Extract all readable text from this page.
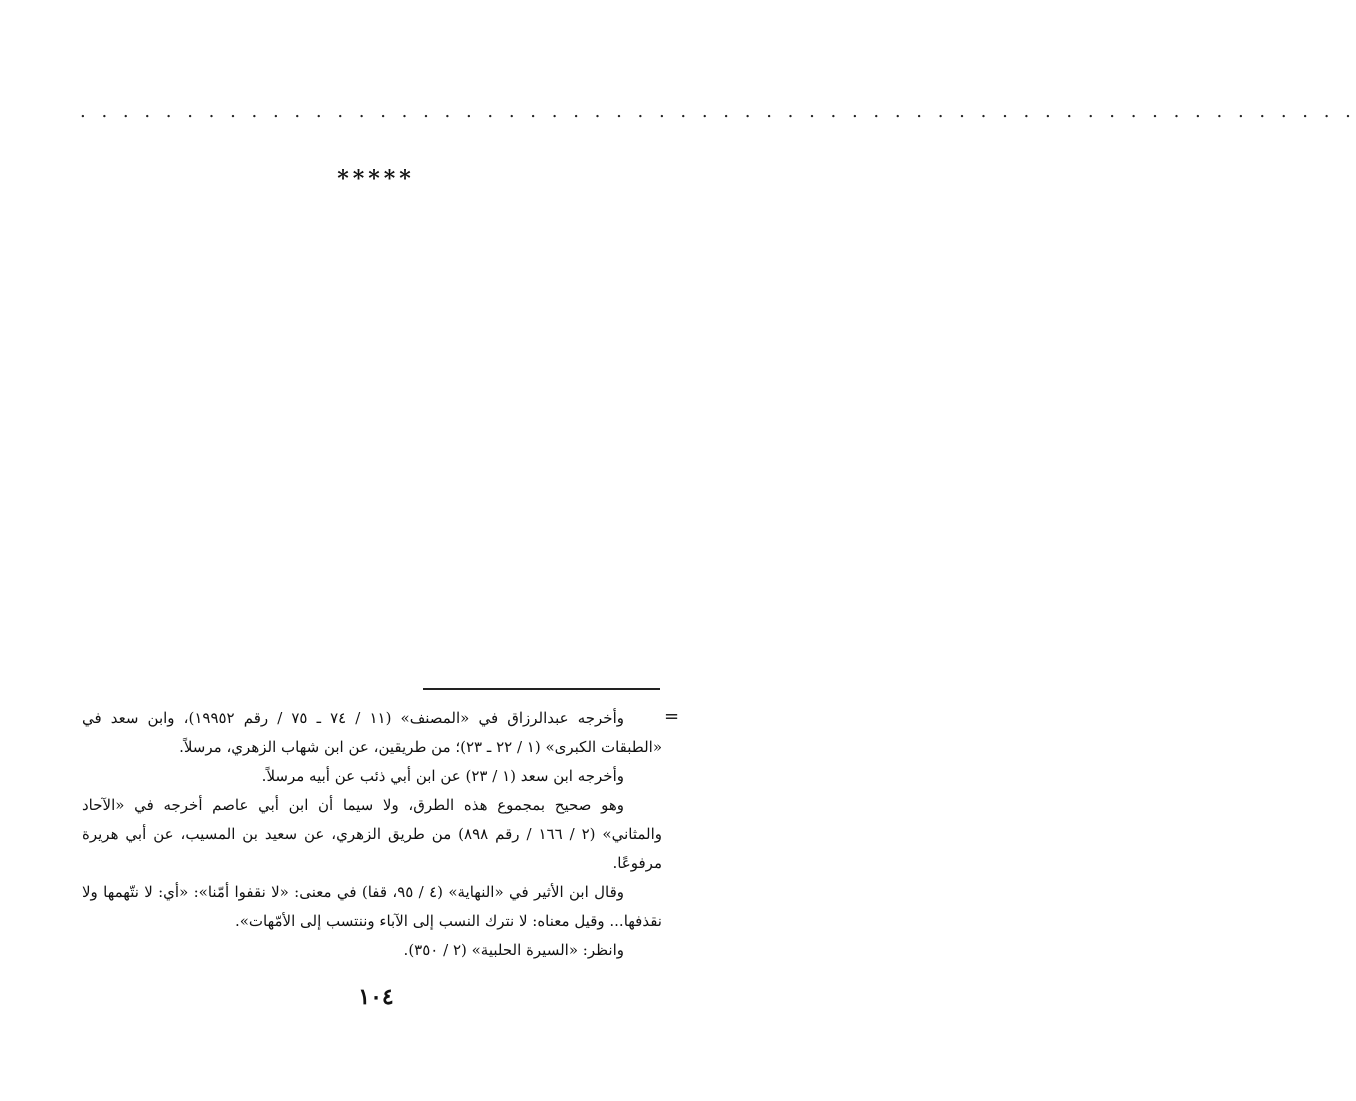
. . . . . . . . . . . . . . . . . . . . . . . . . . . . . . . . . . . . . . . . . . . . . . . . . . . . . . . . . . . .
*****
=

وأخرجه عبدالرزاق في «المصنف» (١١ / ٧٤ ـ ٧٥ / رقم ١٩٩٥٢)، وابن سعد في «الطبقات الكبرى» (١ / ٢٢ ـ ٢٣)؛ من طريقين، عن ابن شهاب الزهري، مرسلاً.

وأخرجه ابن سعد (١ / ٢٣) عن ابن أبي ذئب عن أبيه مرسلاً.

وهو صحيح بمجموع هذه الطرق، ولا سيما أن ابن أبي عاصم أخرجه في «الآحاد والمثاني» (٢ / ١٦٦ / رقم ٨٩٨) من طريق الزهري، عن سعيد بن المسيب، عن أبي هريرة مرفوعًا.

وقال ابن الأثير في «النهاية» (٤ / ٩٥، قفا) في معنى: «لا نقفوا أمّنا»: «أي: لا نتّهمها ولا نقذفها... وقيل معناه: لا نترك النسب إلى الآباء وننتسب إلى الأمّهات».

وانظر: «السيرة الحلبية» (٢ / ٣٥٠).

١٠٤
